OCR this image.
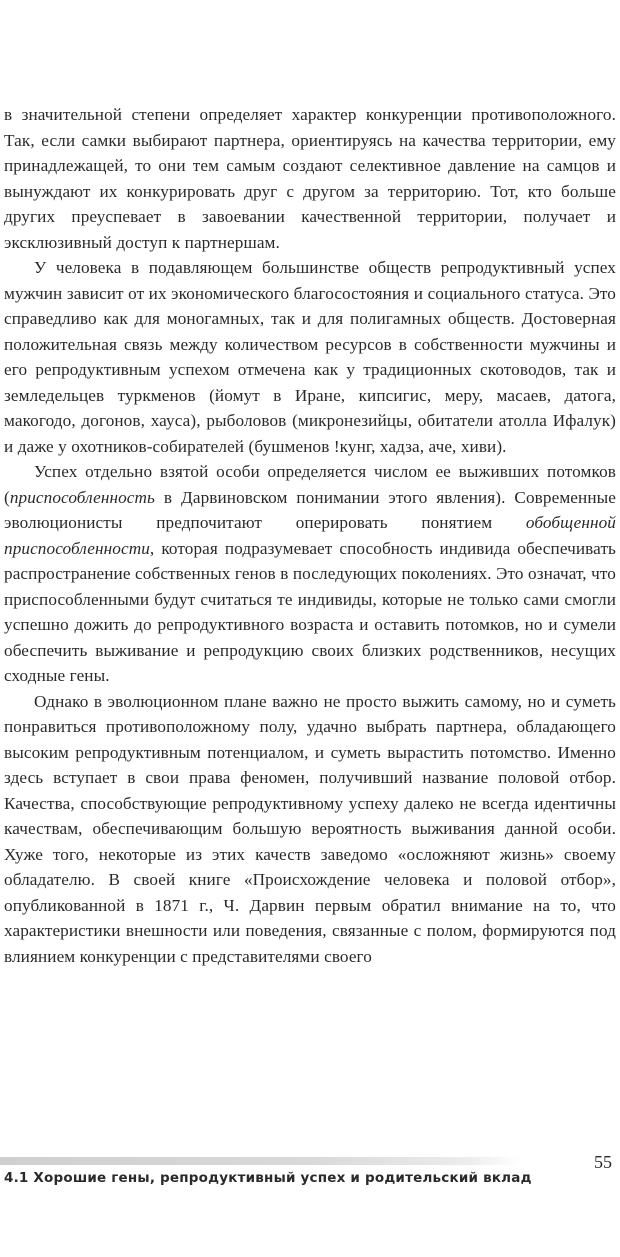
в значительной степени определяет характер конкуренции противоположного. Так, если самки выбирают партнера, ориентируясь на качества территории, ему принадлежащей, то они тем самым создают селективное давление на самцов и вынуждают их конкурировать друг с другом за территорию. Тот, кто больше других преуспевает в завоевании качественной территории, получает и эксклюзивный доступ к партнершам.

У человека в подавляющем большинстве обществ репродуктивный успех мужчин зависит от их экономического благосостояния и социального статуса. Это справедливо как для моногамных, так и для полигамных обществ. Достоверная положительная связь между количеством ресурсов в собственности мужчины и его репродуктивным успехом отмечена как у традиционных скотоводов, так и земледельцев туркменов (йомут в Иране, кипсигис, меру, масаев, датога, макогодо, догонов, хауса), рыболовов (микронезийцы, обитатели атолла Ифалук) и даже у охотников-собирателей (бушменов !кунг, хадза, аче, хиви).

Успех отдельно взятой особи определяется числом ее выживших потомков (приспособленность в Дарвиновском понимании этого явления). Современные эволюционисты предпочитают оперировать понятием обобщенной приспособленности, которая подразумевает способность индивида обеспечивать распространение собственных генов в последующих поколениях. Это означат, что приспособленными будут считаться те индивиды, которые не только сами смогли успешно дожить до репродуктивного возраста и оставить потомков, но и сумели обеспечить выживание и репродукцию своих близких родственников, несущих сходные гены.

Однако в эволюционном плане важно не просто выжить самому, но и суметь понравиться противоположному полу, удачно выбрать партнера, обладающего высоким репродуктивным потенциалом, и суметь вырастить потомство. Именно здесь вступает в свои права феномен, получивший название половой отбор. Качества, способствующие репродуктивному успеху далеко не всегда идентичны качествам, обеспечивающим большую вероятность выживания данной особи. Хуже того, некоторые из этих качеств заведомо «осложняют жизнь» своему обладателю. В своей книге «Происхождение человека и половой отбор», опубликованной в 1871 г., Ч. Дарвин первым обратил внимание на то, что характеристики внешности или поведения, связанные с полом, формируются под влиянием конкуренции с представителями своего

4.1 Хорошие гены, репродуктивный успех и родительский вклад
55
